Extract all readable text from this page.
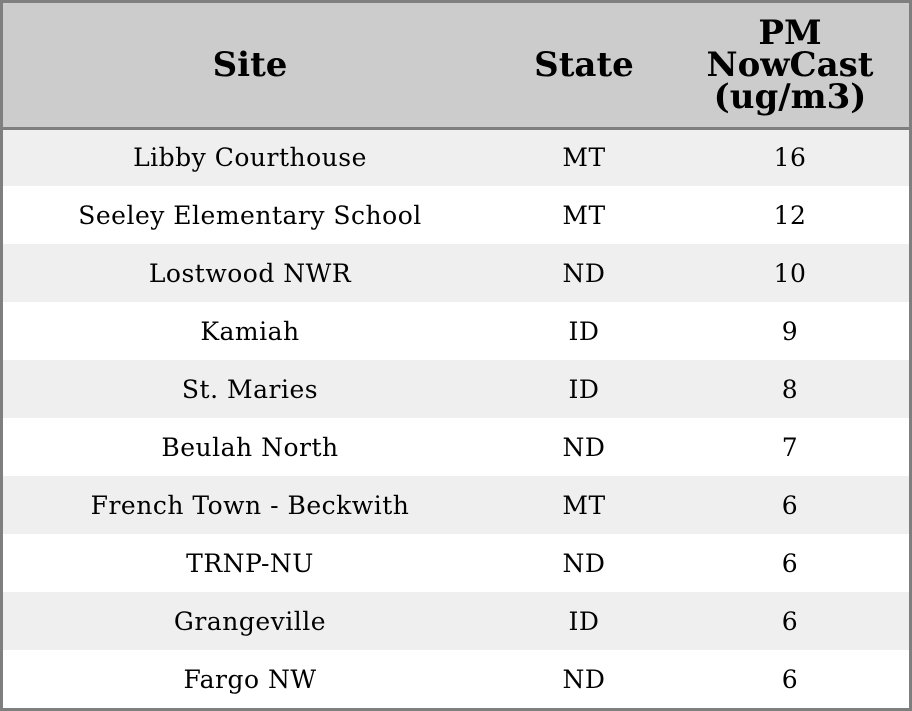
Site	State	PM
NowCast
(ug/m3)

Libby Courthouse	MT	16
Seeley Elementary School	MT	12
Lostwood NWR	ND	10
Kamiah	ID	9
St. Maries	ID	8
Beulah North	ND	7
French Town - Beckwith	MT	6
TRNP-NU	ND	6
Grangeville	ID	6
Fargo NW	ND	6
